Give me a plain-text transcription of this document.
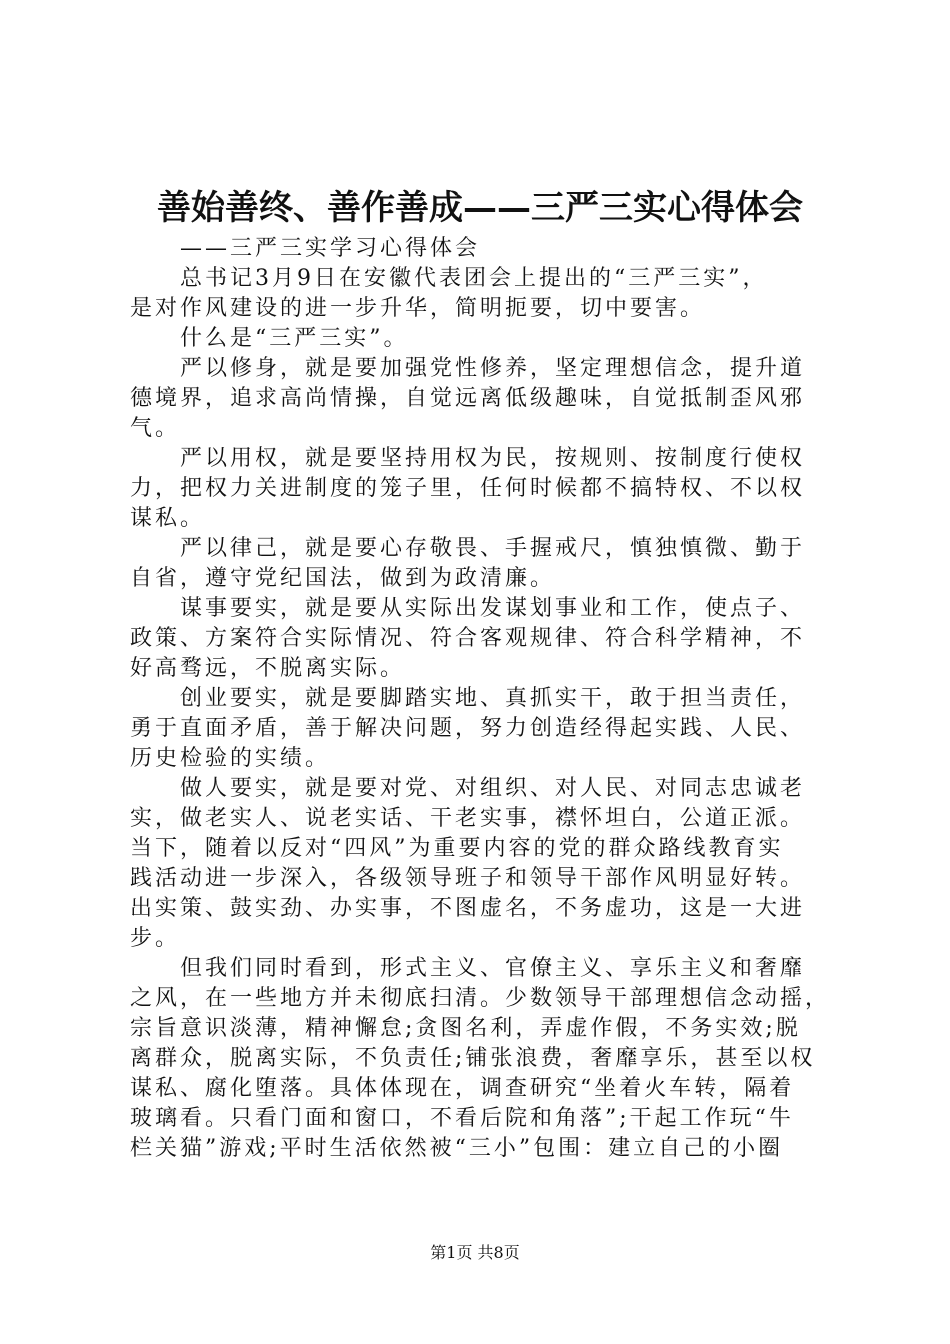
善始善终、善作善成——三严三实心得体会
　　——三严三实学习心得体会
　　总书记3月9日在安徽代表团会上提出的“三严三实”，
是对作风建设的进一步升华，简明扼要，切中要害。
　　什么是“三严三实”。
　　严以修身，就是要加强党性修养，坚定理想信念，提升道
德境界，追求高尚情操，自觉远离低级趣味，自觉抵制歪风邪
气。
　　严以用权，就是要坚持用权为民，按规则、按制度行使权
力，把权力关进制度的笼子里，任何时候都不搞特权、不以权
谋私。
　　严以律己，就是要心存敬畏、手握戒尺，慎独慎微、勤于
自省，遵守党纪国法，做到为政清廉。
　　谋事要实，就是要从实际出发谋划事业和工作，使点子、
政策、方案符合实际情况、符合客观规律、符合科学精神，不
好高骛远，不脱离实际。
　　创业要实，就是要脚踏实地、真抓实干，敢于担当责任，
勇于直面矛盾，善于解决问题，努力创造经得起实践、人民、
历史检验的实绩。
　　做人要实，就是要对党、对组织、对人民、对同志忠诚老
实，做老实人、说老实话、干老实事，襟怀坦白，公道正派。
当下，随着以反对“四风”为重要内容的党的群众路线教育实
践活动进一步深入，各级领导班子和领导干部作风明显好转。
出实策、鼓实劲、办实事，不图虚名，不务虚功，这是一大进
步。
　　但我们同时看到，形式主义、官僚主义、享乐主义和奢靡
之风，在一些地方并未彻底扫清。少数领导干部理想信念动摇，
宗旨意识淡薄，精神懈怠;贪图名利，弄虚作假，不务实效;脱
离群众，脱离实际，不负责任;铺张浪费，奢靡享乐，甚至以权
谋私、腐化堕落。具体体现在，调查研究“坐着火车转，隔着
玻璃看。只看门面和窗口，不看后院和角落”;干起工作玩“牛
栏关猫”游戏;平时生活依然被“三小”包围：建立自己的小圈
第1页 共8页
